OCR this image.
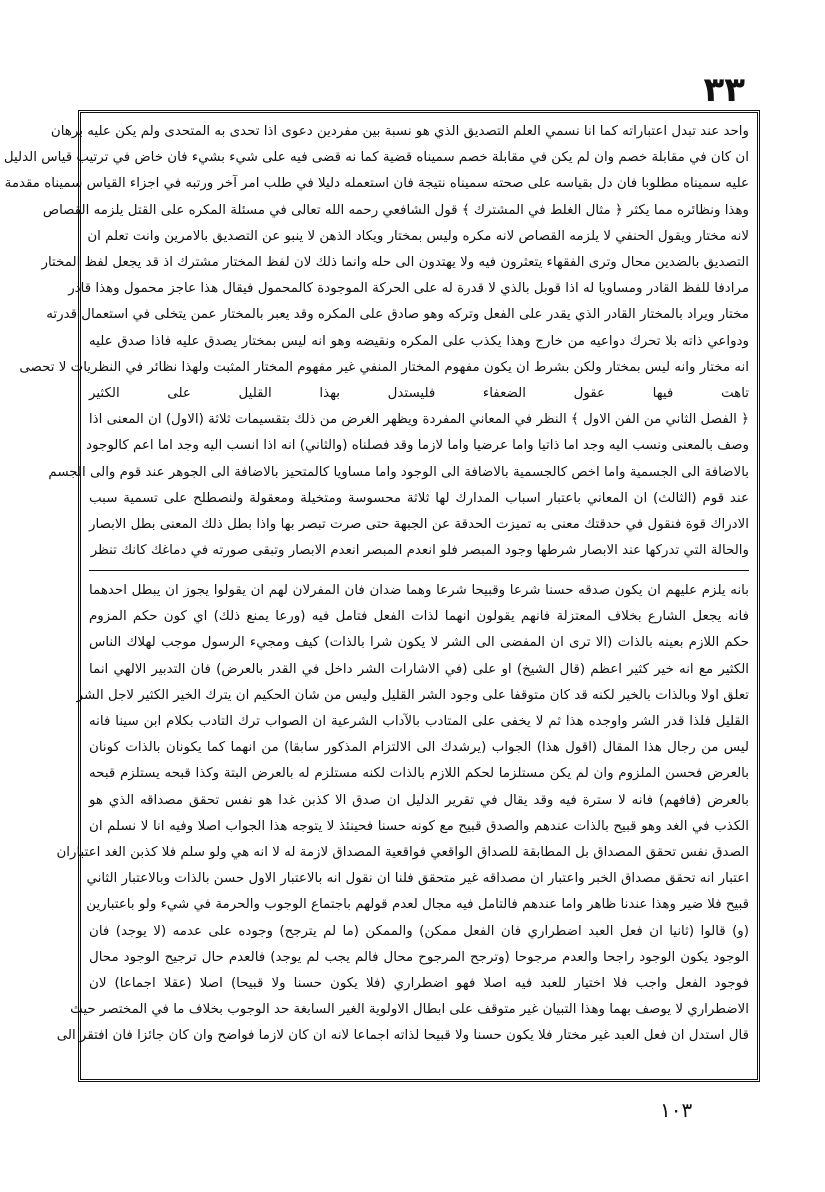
٣٣
واحد عند تبدل اعتباراته كما انا نسمي العلم التصديق الذي هو نسبة بين مفردين دعوى اذا تحدى به المتحدى ولم يكن عليه برهان
ان كان في مقابلة خصم وان لم يكن في مقابلة خصم سميناه قضية كما نه قضى فيه على شيء بشيء فان خاض في ترتيب قياس الدليل
عليه سميناه مطلوبا فان دل بقياسه على صحته سميناه نتيجة فان استعمله دليلا في طلب امر آخر ورتبه في اجزاء القياس سميناه مقدمة
وهذا ونظائره مما يكثر ﴿ مثال الغلط في المشترك ﴾ قول الشافعي رحمه الله تعالى في مسئلة المكره على القتل يلزمه القصاص
لانه مختار ويقول الحنفي لا يلزمه القصاص لانه مكره وليس بمختار ويكاد الذهن لا ينبو عن التصديق بالامرين وانت تعلم ان
التصديق بالضدين محال وترى الفقهاء يتعثرون فيه ولا يهتدون الى حله وانما ذلك لان لفظ المختار مشترك اذ قد يجعل لفظ المختار
مرادفا للفظ القادر ومساويا له اذا قوبل بالذي لا قدرة له على الحركة الموجودة كالمحمول فيقال هذا عاجز محمول وهذا قادر
مختار ويراد بالمختار القادر الذي يقدر على الفعل وتركه وهو صادق على المكره وقد يعبر بالمختار عمن يتخلى في استعمال قدرته
ودواعي ذاته بلا تحرك دواعيه من خارج وهذا يكذب على المكره ونقيضه وهو انه ليس بمختار يصدق عليه فاذا صدق عليه
انه مختار وانه ليس بمختار ولكن بشرط ان يكون مفهوم المختار المنفي غير مفهوم المختار المثبت ولهذا نظائر في النظريات لا تحصى
تاهت فيها عقول الضعفاء فليستدل بهذا القليل على الكثير
﴿ الفصل الثاني من الفن الاول ﴾ النظر في المعاني المفردة ويظهر الغرض من ذلك بتقسيمات ثلاثة (الاول) ان المعنى اذا
وصف بالمعنى ونسب اليه وجد اما ذاتيا واما عرضيا واما لازما وقد فصلناه (والثاني) انه اذا انسب اليه وجد اما اعم كالوجود
بالاضافة الى الجسمية واما اخص كالجسمية بالاضافة الى الوجود واما مساويا كالمتحيز بالاضافة الى الجوهر عند قوم والى الجسم
عند قوم (الثالث) ان المعاني باعتبار اسباب المدارك لها ثلاثة محسوسة ومتخيلة ومعقولة ولنصطلح على تسمية سبب
الادراك قوة فنقول في حدقتك معنى به تميزت الحدقة عن الجبهة حتى صرت تبصر بها واذا بطل ذلك المعنى بطل الابصار
والحالة التي تدركها عند الابصار شرطها وجود المبصر فلو انعدم المبصر انعدم الابصار وتبقى صورته في دماغك كانك تنظر
بانه يلزم عليهم ان يكون صدقه حسنا شرعا وقبيحا شرعا وهما ضدان فان المفرلان لهم ان يقولوا يجوز ان يبطل احدهما
فانه يجعل الشارع بخلاف المعتزلة فانهم يقولون انهما لذات الفعل فتامل فيه (ورعا يمنع ذلك) اي كون حكم المزوم
حكم اللازم بعينه بالذات (الا ترى ان المفضى الى الشر لا يكون شرا بالذات) كيف ومجيء الرسول موجب لهلاك الناس
الكثير مع انه خير كثير اعظم (قال الشيخ) او على (في الاشارات الشر داخل في القدر بالعرض) فان التدبير الالهي انما
تعلق اولا وبالذات بالخير لكنه قد كان متوقفا على وجود الشر القليل وليس من شان الحكيم ان يترك الخير الكثير لاجل الشر
القليل فلذا قدر الشر واوجده هذا ثم لا يخفى على المتادب بالآداب الشرعية ان الصواب ترك التادب بكلام ابن سينا فانه
ليس من رجال هذا المقال (اقول هذا) الجواب (يرشدك الى الالتزام المذكور سابقا) من انهما كما يكونان بالذات كونان
بالعرض فحسن الملزوم وان لم يكن مستلزما لحكم اللازم بالذات لكنه مستلزم له بالعرض البتة وكذا قبحه يستلزم قبحه
بالعرض (فافهم) فانه لا سترة فيه وقد يقال في تقرير الدليل ان صدق الا كذبن غدا هو نفس تحقق مصداقه الذي هو
الكذب في الغد وهو قبيح بالذات عندهم والصدق قبيح مع كونه حسنا فحينئذ لا يتوجه هذا الجواب اصلا وفيه انا لا نسلم ان
الصدق نفس تحقق المصداق بل المطابقة للصداق الواقعي فواقعية المصداق لازمة له لا انه هي ولو سلم فلا كذبن الغد اعتباران
اعتبار انه تحقق مصداق الخبر واعتبار ان مصداقه غير متحقق فلنا ان نقول انه بالاعتبار الاول حسن بالذات وبالاعتبار الثاني
قبيح فلا ضير وهذا عندنا ظاهر واما عندهم فالتامل فيه مجال لعدم قولهم باجتماع الوجوب والحرمة في شيء ولو باعتبارين
(و) قالوا (ثانيا ان فعل العبد اضطراري فان الفعل ممكن) والممكن (ما لم يترجح) وجوده على عدمه (لا يوجد) فان
الوجود يكون الوجود راجحا والعدم مرجوحا (وترجح المرجوح محال فالم يجب لم يوجد) فالعدم حال ترجيح الوجود محال
فوجود الفعل واجب فلا اختيار للعبد فيه اصلا فهو اضطراري (فلا يكون حسنا ولا قبيحا) اصلا (عقلا اجماعا) لان
الاضطراري لا يوصف بهما وهذا التبيان غير متوقف على ابطال الاولوية الغير السابغة حد الوجوب بخلاف ما في المختصر حيث
قال استدل ان فعل العبد غير مختار فلا يكون حسنا ولا قبيحا لذاته اجماعا لانه ان كان لازما فواضح وان كان جائزا فان افتقر الى
١٠٣
